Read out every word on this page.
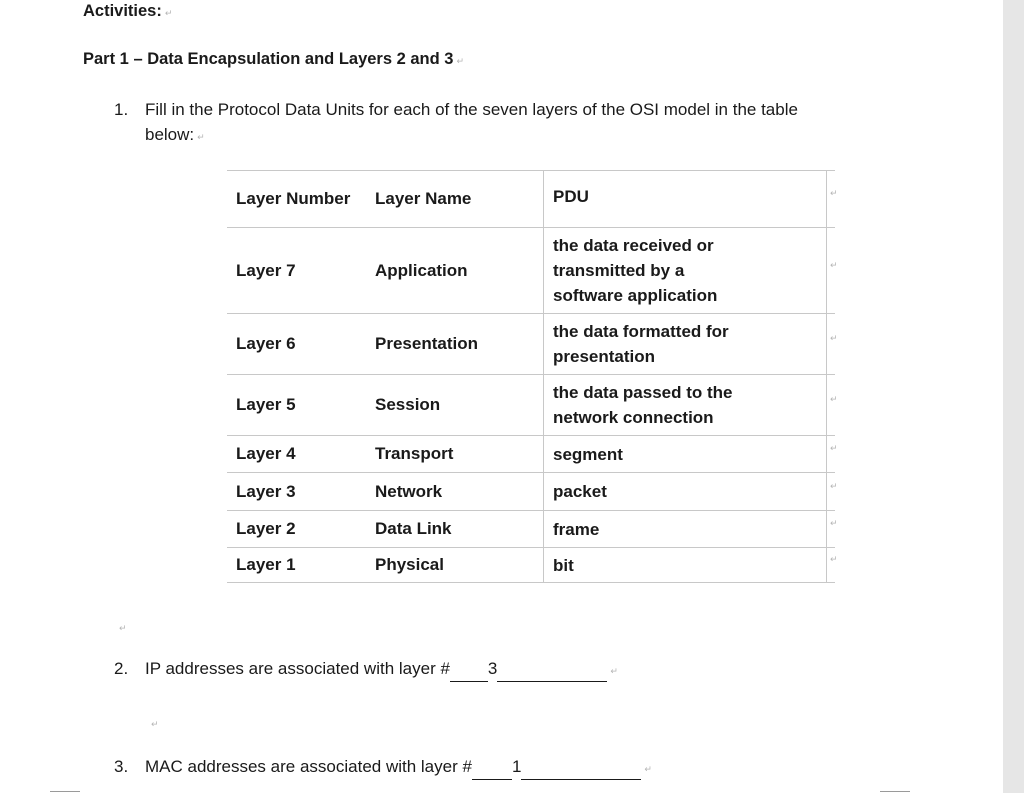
Activities: ↵
Part 1 – Data Encapsulation and Layers 2 and 3 ↵
1. Fill in the Protocol Data Units for each of the seven layers of the OSI model in the table
below: ↵
Layer Number	Layer Name	PDU	↵
Layer 7	Application	the data received or
transmitted by a
software application	↵
Layer 6	Presentation	the data formatted for
presentation	↵
Layer 5	Session	the data passed to the
network connection	↵
Layer 4	Transport	segment	↵
Layer 3	Network	packet	↵
Layer 2	Data Link	frame	↵
Layer 1	Physical	bit	↵
↵
2. IP addresses are associated with layer # 3	↵
↵
3. MAC addresses are associated with layer # 1	↵
